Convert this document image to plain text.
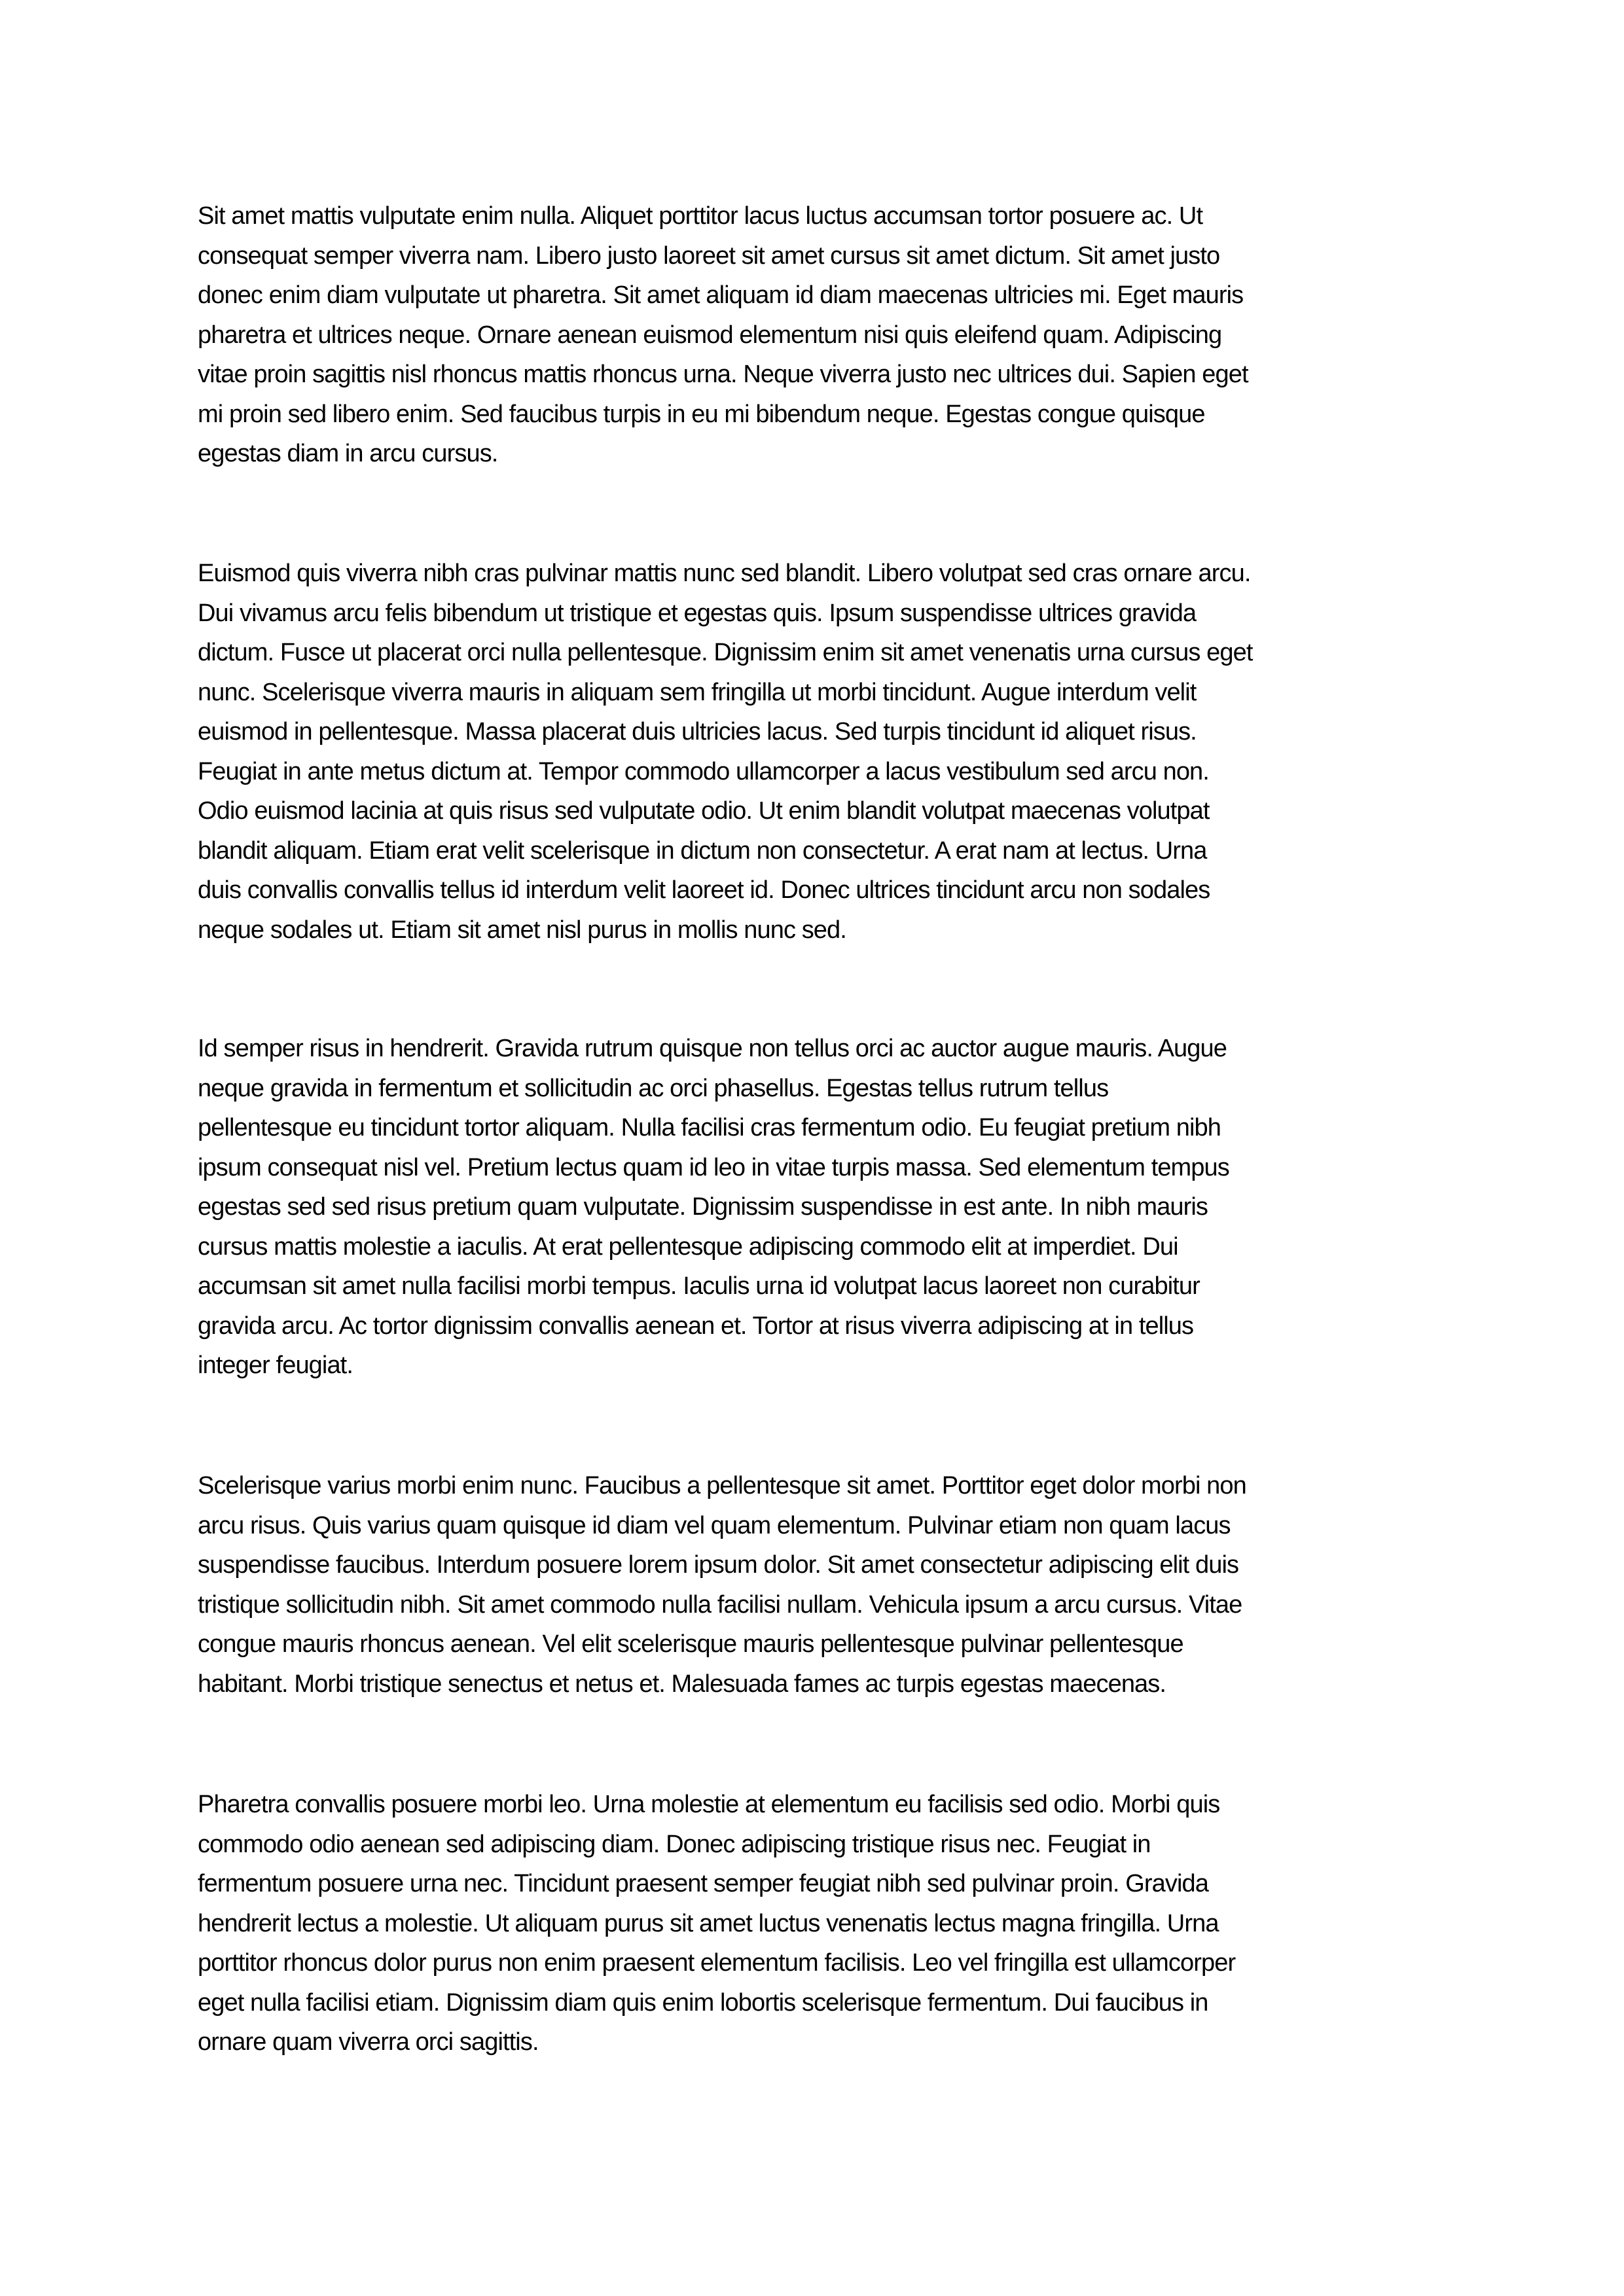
Sit amet mattis vulputate enim nulla. Aliquet porttitor lacus luctus accumsan tortor posuere ac. Ut
consequat semper viverra nam. Libero justo laoreet sit amet cursus sit amet dictum. Sit amet justo
donec enim diam vulputate ut pharetra. Sit amet aliquam id diam maecenas ultricies mi. Eget mauris
pharetra et ultrices neque. Ornare aenean euismod elementum nisi quis eleifend quam. Adipiscing
vitae proin sagittis nisl rhoncus mattis rhoncus urna. Neque viverra justo nec ultrices dui. Sapien eget
mi proin sed libero enim. Sed faucibus turpis in eu mi bibendum neque. Egestas congue quisque
egestas diam in arcu cursus.

Euismod quis viverra nibh cras pulvinar mattis nunc sed blandit. Libero volutpat sed cras ornare arcu.
Dui vivamus arcu felis bibendum ut tristique et egestas quis. Ipsum suspendisse ultrices gravida
dictum. Fusce ut placerat orci nulla pellentesque. Dignissim enim sit amet venenatis urna cursus eget
nunc. Scelerisque viverra mauris in aliquam sem fringilla ut morbi tincidunt. Augue interdum velit
euismod in pellentesque. Massa placerat duis ultricies lacus. Sed turpis tincidunt id aliquet risus.
Feugiat in ante metus dictum at. Tempor commodo ullamcorper a lacus vestibulum sed arcu non.
Odio euismod lacinia at quis risus sed vulputate odio. Ut enim blandit volutpat maecenas volutpat
blandit aliquam. Etiam erat velit scelerisque in dictum non consectetur. A erat nam at lectus. Urna
duis convallis convallis tellus id interdum velit laoreet id. Donec ultrices tincidunt arcu non sodales
neque sodales ut. Etiam sit amet nisl purus in mollis nunc sed.

Id semper risus in hendrerit. Gravida rutrum quisque non tellus orci ac auctor augue mauris. Augue
neque gravida in fermentum et sollicitudin ac orci phasellus. Egestas tellus rutrum tellus
pellentesque eu tincidunt tortor aliquam. Nulla facilisi cras fermentum odio. Eu feugiat pretium nibh
ipsum consequat nisl vel. Pretium lectus quam id leo in vitae turpis massa. Sed elementum tempus
egestas sed sed risus pretium quam vulputate. Dignissim suspendisse in est ante. In nibh mauris
cursus mattis molestie a iaculis. At erat pellentesque adipiscing commodo elit at imperdiet. Dui
accumsan sit amet nulla facilisi morbi tempus. Iaculis urna id volutpat lacus laoreet non curabitur
gravida arcu. Ac tortor dignissim convallis aenean et. Tortor at risus viverra adipiscing at in tellus
integer feugiat.

Scelerisque varius morbi enim nunc. Faucibus a pellentesque sit amet. Porttitor eget dolor morbi non
arcu risus. Quis varius quam quisque id diam vel quam elementum. Pulvinar etiam non quam lacus
suspendisse faucibus. Interdum posuere lorem ipsum dolor. Sit amet consectetur adipiscing elit duis
tristique sollicitudin nibh. Sit amet commodo nulla facilisi nullam. Vehicula ipsum a arcu cursus. Vitae
congue mauris rhoncus aenean. Vel elit scelerisque mauris pellentesque pulvinar pellentesque
habitant. Morbi tristique senectus et netus et. Malesuada fames ac turpis egestas maecenas.

Pharetra convallis posuere morbi leo. Urna molestie at elementum eu facilisis sed odio. Morbi quis
commodo odio aenean sed adipiscing diam. Donec adipiscing tristique risus nec. Feugiat in
fermentum posuere urna nec. Tincidunt praesent semper feugiat nibh sed pulvinar proin. Gravida
hendrerit lectus a molestie. Ut aliquam purus sit amet luctus venenatis lectus magna fringilla. Urna
porttitor rhoncus dolor purus non enim praesent elementum facilisis. Leo vel fringilla est ullamcorper
eget nulla facilisi etiam. Dignissim diam quis enim lobortis scelerisque fermentum. Dui faucibus in
ornare quam viverra orci sagittis.
